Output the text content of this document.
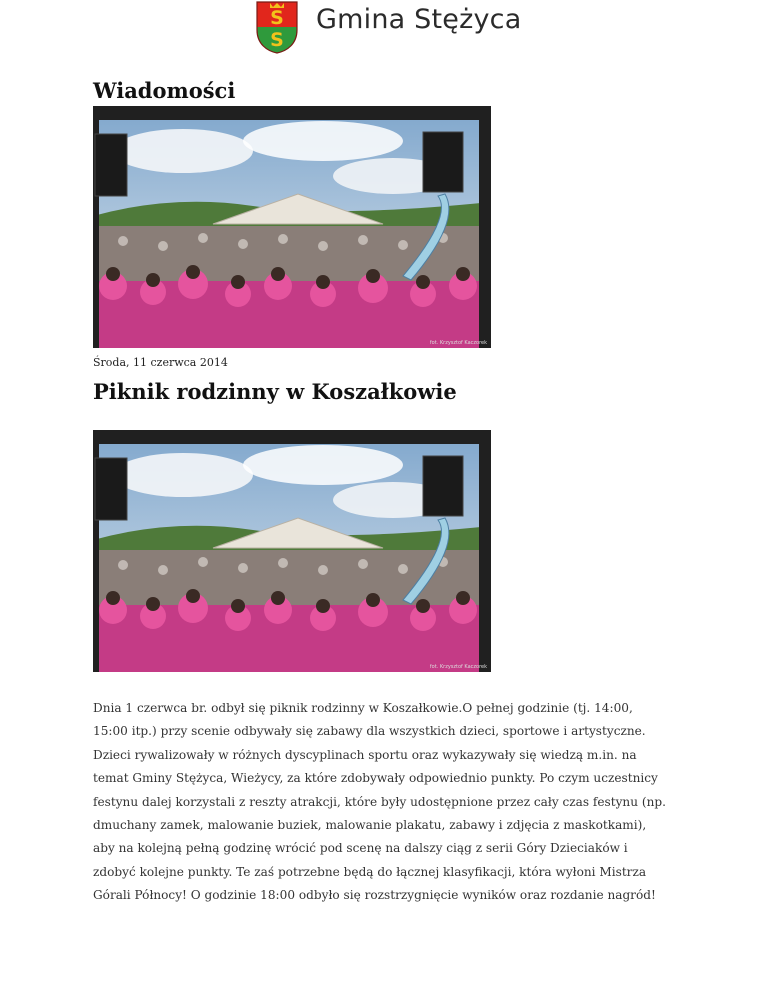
S
S
Gmina Stężyca
Wiadomości
fot. Krzysztof Kaczorek
Środa, 11 czerwca 2014
Piknik rodzinny w Koszałkowie
fot. Krzysztof Kaczorek
Dnia 1 czerwca br. odbył się piknik rodzinny w Koszałkowie.O pełnej godzinie (tj. 14:00,
15:00 itp.) przy scenie odbywały się zabawy dla wszystkich dzieci, sportowe i artystyczne.
Dzieci rywalizowały w różnych dyscyplinach sportu oraz wykazywały się wiedzą m.in. na
temat Gminy Stężyca, Wieżycy, za które zdobywały odpowiednio punkty. Po czym uczestnicy
festynu dalej korzystali z reszty atrakcji, które były udostępnione przez cały czas festynu (np.
dmuchany zamek, malowanie buziek, malowanie plakatu, zabawy i zdjęcia z maskotkami),
aby na kolejną pełną godzinę wrócić pod scenę na dalszy ciąg z serii Góry Dzieciaków i
zdobyć kolejne punkty. Te zaś potrzebne będą do łącznej klasyfikacji, która wyłoni Mistrza
Górali Północy! O godzinie 18:00 odbyło się rozstrzygnięcie wyników oraz rozdanie nagród!
